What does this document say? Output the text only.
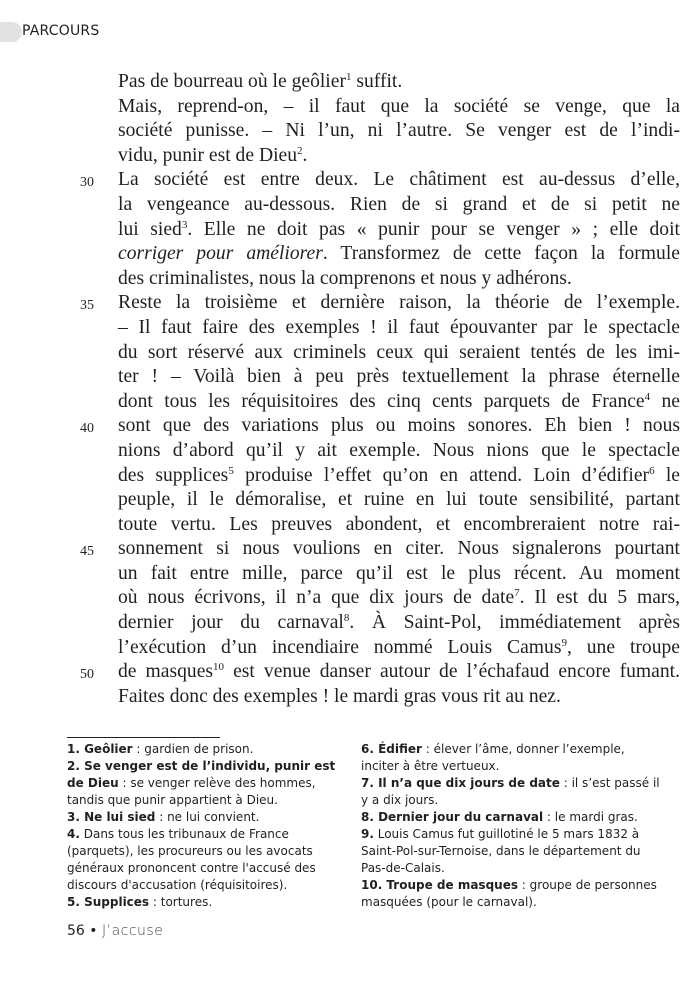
PARCOURS
Pas de bourreau où le geôlier$^1$ suffit.
Mais, reprend-on, – il faut que la société se venge, que la
société punisse. – Ni l’un, ni l’autre. Se venger est de l’indi-
vidu, punir est de Dieu$^2$.
30 La société est entre deux. Le châtiment est au-dessus d’elle,
la vengeance au-dessous. Rien de si grand et de si petit ne
lui sied$^3$. Elle ne doit pas « punir pour se venger » ; elle doit
corriger pour améliorer. Transformez de cette façon la formule
des criminalistes, nous la comprenons et nous y adhérons.
35 Reste la troisième et dernière raison, la théorie de l’exemple.
– Il faut faire des exemples ! il faut épouvanter par le spectacle
du sort réservé aux criminels ceux qui seraient tentés de les imi-
ter ! – Voilà bien à peu près textuellement la phrase éternelle
dont tous les réquisitoires des cinq cents parquets de France$^4$ ne
40 sont que des variations plus ou moins sonores. Eh bien ! nous
nions d’abord qu’il y ait exemple. Nous nions que le spectacle
des supplices$^5$ produise l’effet qu’on en attend. Loin d’édifier$^6$ le
peuple, il le démoralise, et ruine en lui toute sensibilité, partant
toute vertu. Les preuves abondent, et encombreraient notre rai-
45 sonnement si nous voulions en citer. Nous signalerons pourtant
un fait entre mille, parce qu’il est le plus récent. Au moment
où nous écrivons, il n’a que dix jours de date$^7$. Il est du 5 mars,
dernier jour du carnaval$^8$. À Saint-Pol, immédiatement après
l’exécution d’un incendiaire nommé Louis Camus$^9$, une troupe
50 de masques$^{10}$ est venue danser autour de l’échafaud encore fumant.
Faites donc des exemples ! le mardi gras vous rit au nez.
1. Geôlier : gardien de prison.
2. Se venger est de l’individu, punir est de Dieu : se venger relève des hommes, tandis que punir appartient à Dieu.
3. Ne lui sied : ne lui convient.
4. Dans tous les tribunaux de France (parquets), les procureurs ou les avocats généraux prononcent contre l'accusé des discours d'accusation (réquisitoires).
5. Supplices : tortures.
6. Édifier : élever l’âme, donner l’exemple, inciter à être vertueux.
7. Il n’a que dix jours de date : il s’est passé il y a dix jours.
8. Dernier jour du carnaval : le mardi gras.
9. Louis Camus fut guillotiné le 5 mars 1832 à Saint-Pol-sur-Ternoise, dans le département du Pas-de-Calais.
10. Troupe de masques : groupe de personnes masquées (pour le carnaval).
56 • J’accuse
